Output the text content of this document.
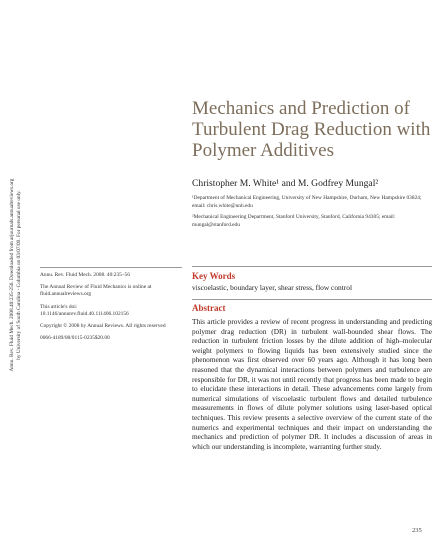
Annu. Rev. Fluid Mech. 2008.40:235-256. Downloaded from arjournals.annualreviews.org by University of South Carolina - Columbia on 03/07/09. For personal use only.
Mechanics and Prediction of Turbulent Drag Reduction with Polymer Additives

Christopher M. White¹ and M. Godfrey Mungal²

¹Department of Mechanical Engineering, University of New Hampshire, Durham, New Hampshire 03824; email: chris.white@unh.edu
²Mechanical Engineering Department, Stanford University, Stanford, California 94305; email: mungal@stanford.edu

Annu. Rev. Fluid Mech. 2008. 40:235–56

The Annual Review of Fluid Mechanics is online at fluid.annualreviews.org

This article's doi:
10.1146/annurev.fluid.40.111406.102156

Copyright © 2008 by Annual Reviews. All rights reserved

0066-4189/08/0115-0235$20.00

Key Words
viscoelastic, boundary layer, shear stress, flow control
Abstract

This article provides a review of recent progress in understanding and predicting polymer drag reduction (DR) in turbulent wall-bounded shear flows. The reduction in turbulent friction losses by the dilute addition of high–molecular weight polymers to flowing liquids has been extensively studied since the phenomenon was first observed over 60 years ago. Although it has long been reasoned that the dynamical interactions between polymers and turbulence are responsible for DR, it was not until recently that progress has been made to begin to elucidate these interactions in detail. These advancements come largely from numerical simulations of viscoelastic turbulent flows and detailed turbulence measurements in flows of dilute polymer solutions using laser-based optical techniques. This review presents a selective overview of the current state of the numerics and experimental techniques and their impact on understanding the mechanics and prediction of polymer DR. It includes a discussion of areas in which our understanding is incomplete, warranting further study.

235
